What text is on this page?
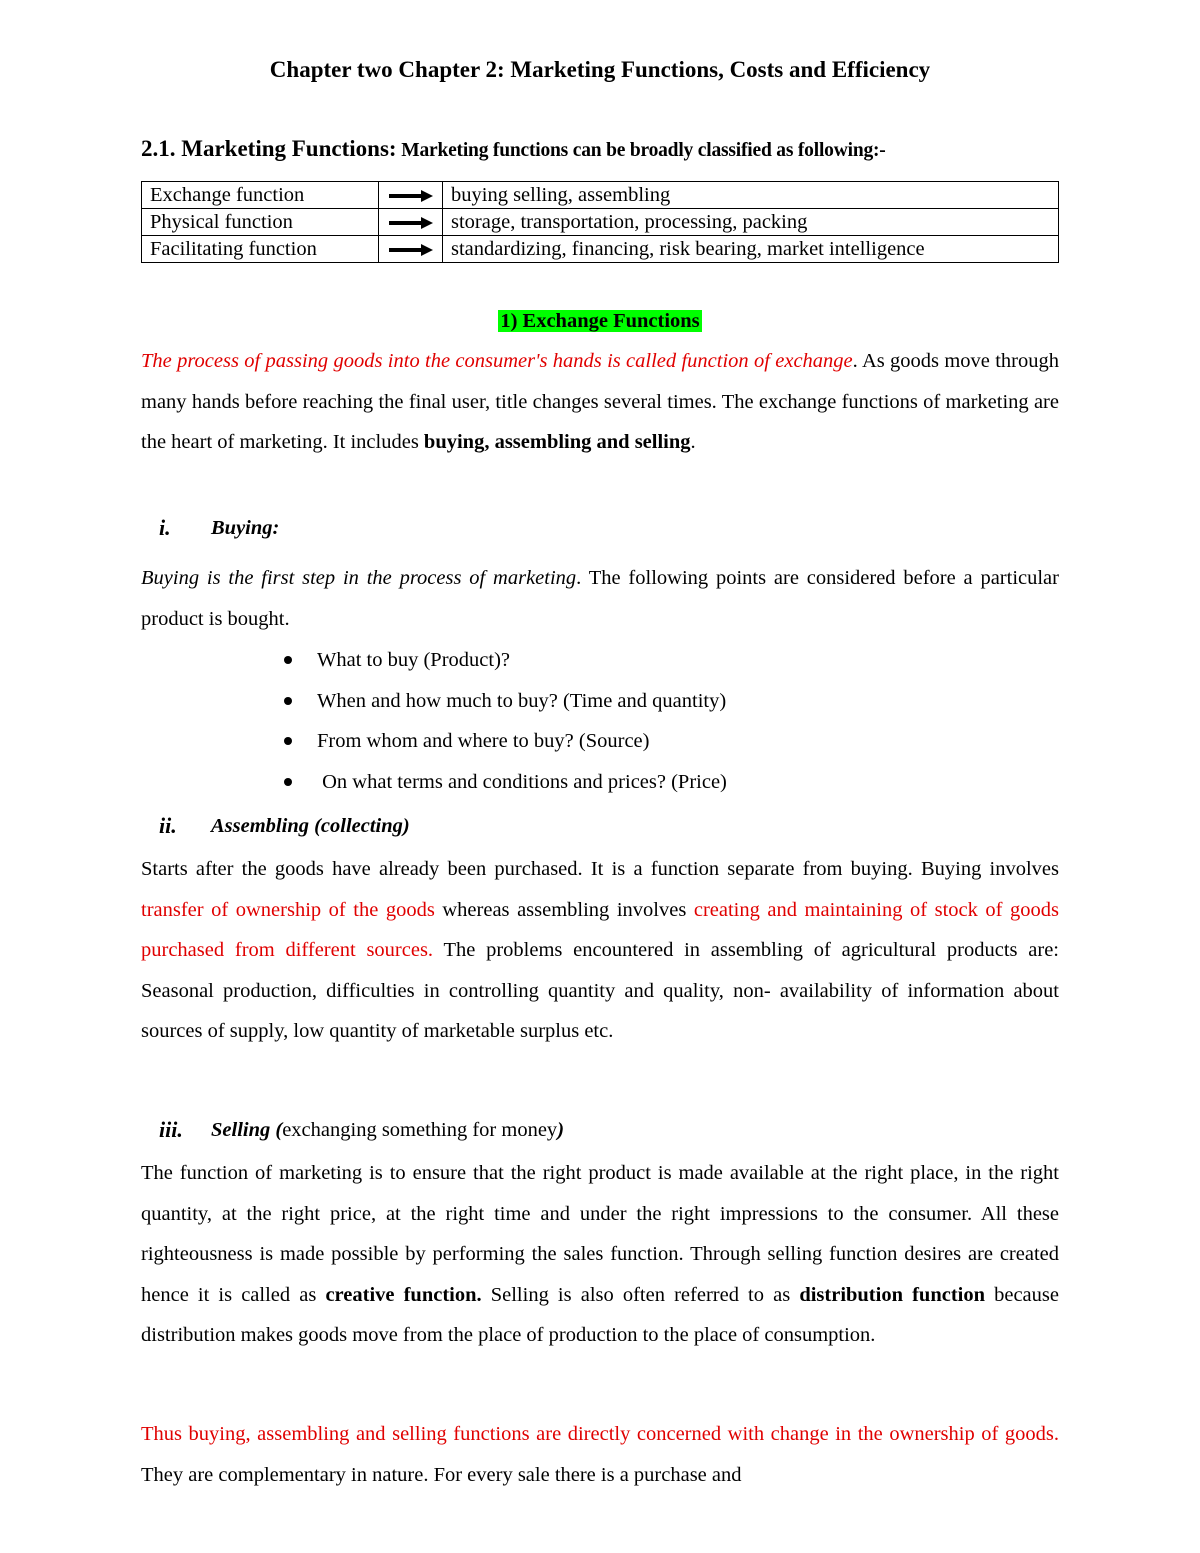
Chapter two Chapter 2: Marketing Functions, Costs and Efficiency
2.1. Marketing Functions: Marketing functions can be broadly classified as following:-
Exchange function		buying selling, assembling
Physical function		storage, transportation, processing, packing
Facilitating function		standardizing, financing, risk bearing, market intelligence
1) Exchange Functions
The process of passing goods into the consumer's hands is called function of exchange. As goods move through many hands before reaching the final user, title changes several times. The exchange functions of marketing are the heart of marketing. It includes buying, assembling and selling.
i. Buying:
Buying is the first step in the process of marketing. The following points are considered before a particular product is bought.
What to buy (Product)?
When and how much to buy? (Time and quantity)
From whom and where to buy? (Source)
On what terms and conditions and prices? (Price)
ii. Assembling (collecting)
Starts after the goods have already been purchased. It is a function separate from buying. Buying involves transfer of ownership of the goods whereas assembling involves creating and maintaining of stock of goods purchased from different sources. The problems encountered in assembling of agricultural products are: Seasonal production, difficulties in controlling quantity and quality, non- availability of information about sources of supply, low quantity of marketable surplus etc.
iii. Selling (exchanging something for money)
The function of marketing is to ensure that the right product is made available at the right place, in the right quantity, at the right price, at the right time and under the right impressions to the consumer. All these righteousness is made possible by performing the sales function. Through selling function desires are created hence it is called as creative function. Selling is also often referred to as distribution function because distribution makes goods move from the place of production to the place of consumption.
Thus buying, assembling and selling functions are directly concerned with change in the ownership of goods. They are complementary in nature. For every sale there is a purchase and
